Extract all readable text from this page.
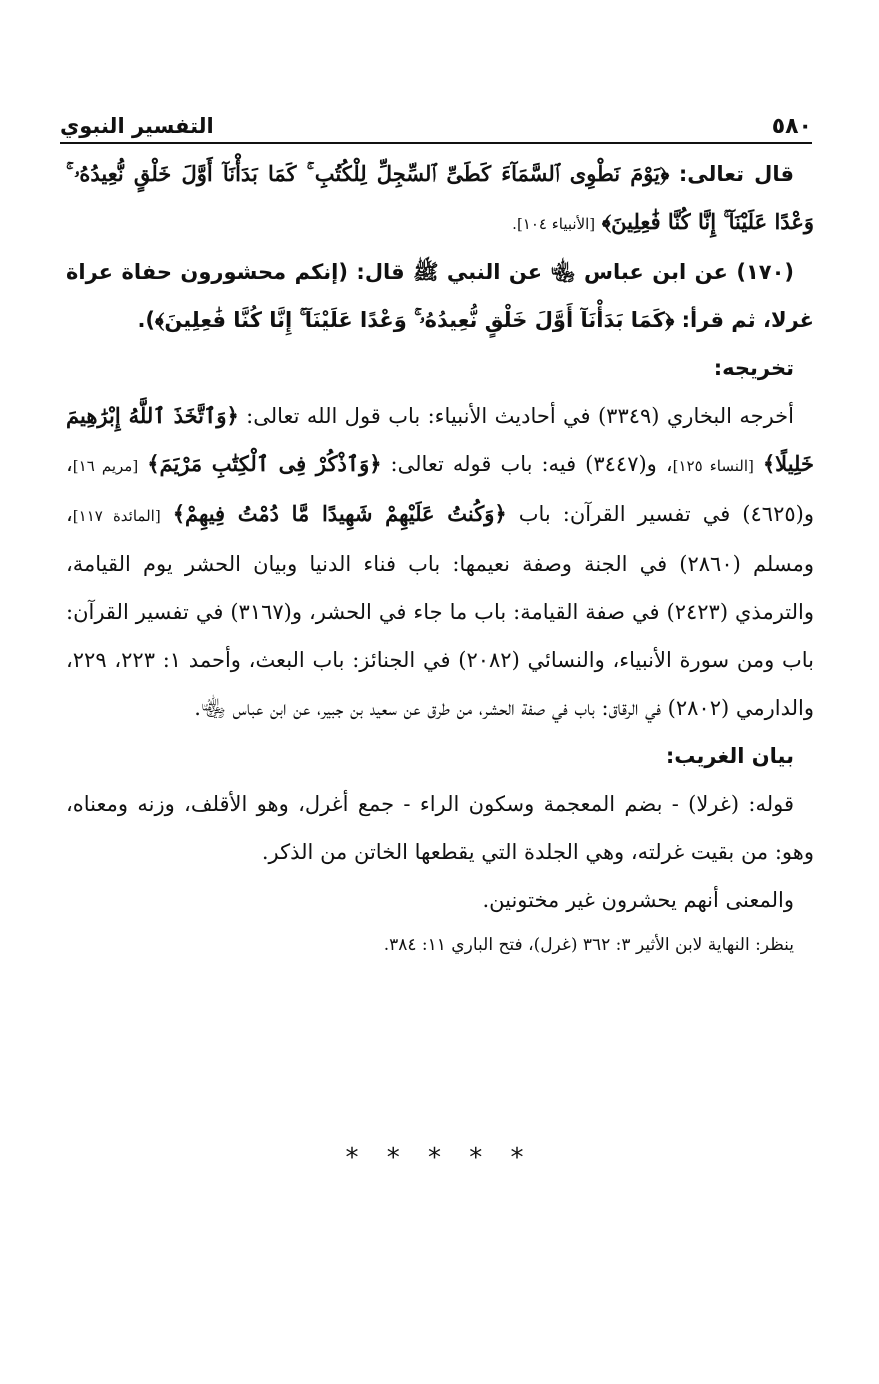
٥٨٠
التفسير النبوي

قال تعالى: ﴿يَوْمَ نَطْوِى ٱلسَّمَآءَ كَطَىِّ ٱلسِّجِلِّ لِلْكُتُبِ ۚ كَمَا بَدَأْنَآ أَوَّلَ خَلْقٍ نُّعِيدُهُۥ ۚ وَعْدًا عَلَيْنَآ ۚ إِنَّا كُنَّا فَٰعِلِينَ﴾ [الأنبياء ١٠٤].

(١٧٠) عن ابن عباس ﵄ عن النبي ﷺ قال: (إنكم محشورون حفاة عراة غرلا، ثم قرأ: ﴿كَمَا بَدَأْنَآ أَوَّلَ خَلْقٍ نُّعِيدُهُۥ ۚ وَعْدًا عَلَيْنَآ ۚ إِنَّا كُنَّا فَٰعِلِينَ﴾).

تخريجه:

أخرجه البخاري (٣٣٤٩) في أحاديث الأنبياء: باب قول الله تعالى: ﴿وَٱتَّخَذَ ٱللَّهُ إِبْرَٰهِيمَ خَلِيلًا﴾ [النساء ١٢٥]، و(٣٤٤٧) فيه: باب قوله تعالى: ﴿وَٱذْكُرْ فِى ٱلْكِتَٰبِ مَرْيَمَ﴾ [مريم ١٦]، و(٤٦٢٥) في تفسير القرآن: باب ﴿وَكُنتُ عَلَيْهِمْ شَهِيدًا مَّا دُمْتُ فِيهِمْ﴾ [المائدة ١١٧]، ومسلم (٢٨٦٠) في الجنة وصفة نعيمها: باب فناء الدنيا وبيان الحشر يوم القيامة، والترمذي (٢٤٢٣) في صفة القيامة: باب ما جاء في الحشر، و(٣١٦٧) في تفسير القرآن: باب ومن سورة الأنبياء، والنسائي (٢٠٨٢) في الجنائز: باب البعث، وأحمد ١: ٢٢٣، ٢٢٩، والدارمي (٢٨٠٢) في الرقاق: باب في صفة الحشر، من طرق عن سعيد بن جبير، عن ابن عباس ﵄.

بيان الغريب:

قوله: (غرلا) - بضم المعجمة وسكون الراء - جمع أغرل، وهو الأقلف، وزنه ومعناه، وهو: من بقيت غرلته، وهي الجلدة التي يقطعها الخاتن من الذكر.

والمعنى أنهم يحشرون غير مختونين.

ينظر: النهاية لابن الأثير ٣: ٣٦٢ (غرل)، فتح الباري ١١: ٣٨٤.

* * * * *
